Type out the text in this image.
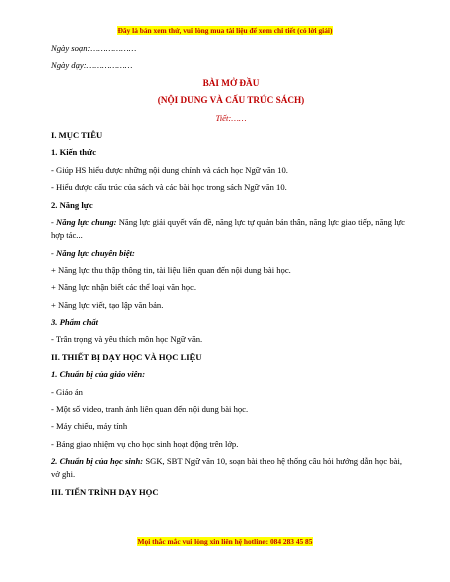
Đây là bản xem thử, vui lòng mua tài liệu để xem chi tiết (có lời giải)
Ngày soạn:………………
Ngày dạy:………………
BÀI MỞ ĐẦU
(NỘI DUNG VÀ CẤU TRÚC SÁCH)
Tiết:……
I. MỤC TIÊU
1. Kiến thức
- Giúp HS hiểu được những nội dung chính và cách học Ngữ văn 10.
- Hiểu được cấu trúc của sách và các bài học trong sách Ngữ văn 10.
2. Năng lực
- Năng lực chung: Năng lực giải quyết vấn đề, năng lực tự quản bản thân, năng lực giao tiếp, năng lực hợp tác...
- Năng lực chuyên biệt:
+ Năng lực thu thập thông tin, tài liệu liên quan đến nội dung bài học.
+ Năng lực nhận biết các thể loại văn học.
+ Năng lực viết, tạo lập văn bản.
3. Phẩm chất
- Trân trọng và yêu thích môn học Ngữ văn.
II. THIẾT BỊ DẠY HỌC VÀ HỌC LIỆU
1. Chuẩn bị của giáo viên:
- Giáo án
- Một số video, tranh ảnh liên quan đến nội dung bài học.
- Máy chiếu, máy tính
- Bảng giao nhiệm vụ cho học sinh hoạt động trên lớp.
2. Chuẩn bị của học sinh: SGK, SBT Ngữ văn 10, soạn bài theo hệ thống câu hỏi hướng dẫn học bài, vở ghi.
III. TIẾN TRÌNH DẠY HỌC
Mọi thắc mắc vui lòng xin liên hệ hotline: 084 283 45 85
